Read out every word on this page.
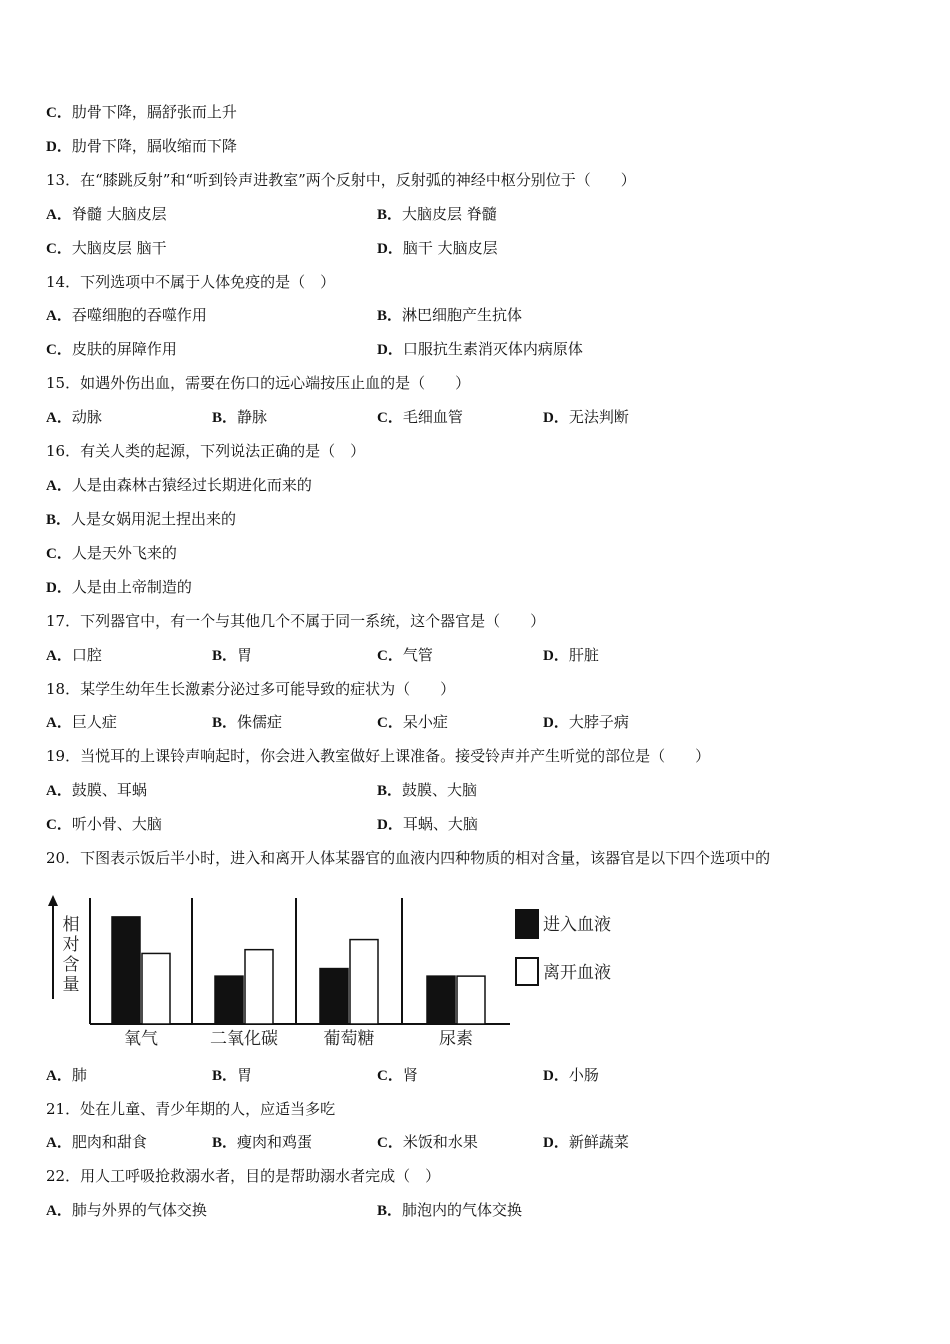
C．肋骨下降，膈舒张而上升
D．肋骨下降，膈收缩而下降
13．在“膝跳反射”和“听到铃声进教室”两个反射中，反射弧的神经中枢分别位于（　　）
A．脊髓 大脑皮层	B．大脑皮层 脊髓
C．大脑皮层 脑干	D．脑干 大脑皮层
14．下列选项中不属于人体免疫的是（　）
A．吞噬细胞的吞噬作用	B．淋巴细胞产生抗体
C．皮肤的屏障作用	D．口服抗生素消灭体内病原体
15．如遇外伤出血，需要在伤口的远心端按压止血的是（　　）
A．动脉	B．静脉	C．毛细血管	D．无法判断
16．有关人类的起源，下列说法正确的是（　）
A．人是由森林古猿经过长期进化而来的
B．人是女娲用泥土捏出来的
C．人是天外飞来的
D．人是由上帝制造的
17．下列器官中，有一个与其他几个不属于同一系统，这个器官是（　　）
A．口腔	B．胃	C．气管	D．肝脏
18．某学生幼年生长激素分泌过多可能导致的症状为（　　）
A．巨人症	B．侏儒症	C．呆小症	D．大脖子病
19．当悦耳的上课铃声响起时，你会进入教室做好上课准备。接受铃声并产生听觉的部位是（　　）
A．鼓膜、耳蜗	B．鼓膜、大脑
C．听小骨、大脑	D．耳蜗、大脑
20．下图表示饭后半小时，进入和离开人体某器官的血液内四种物质的相对含量，该器官是以下四个选项中的
相
对
含
量
氧气	二氧化碳	葡萄糖	尿素
进入血液
离开血液
A．肺	B．胃	C．肾	D．小肠
21．处在儿童、青少年期的人，应适当多吃
A．肥肉和甜食	B．瘦肉和鸡蛋	C．米饭和水果	D．新鲜蔬菜
22．用人工呼吸抢救溺水者，目的是帮助溺水者完成（　）
A．肺与外界的气体交换	B．肺泡内的气体交换
